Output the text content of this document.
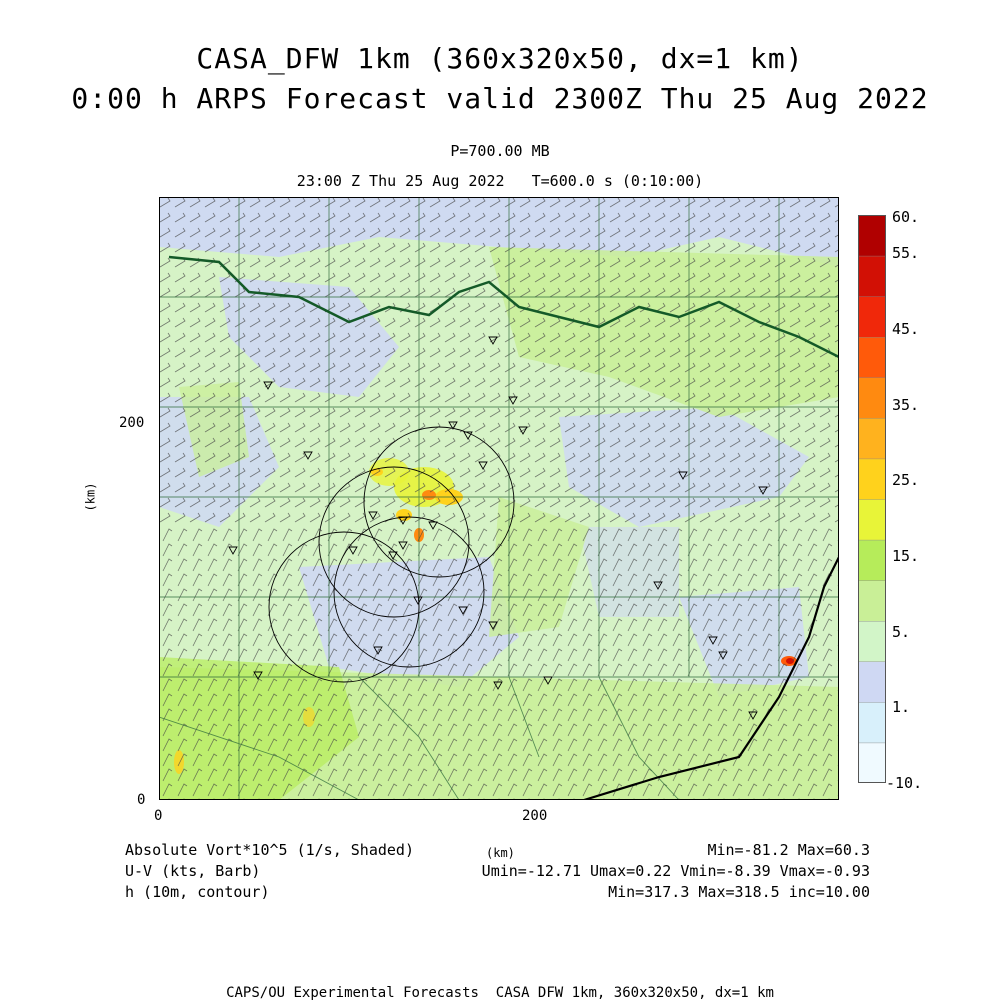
CASA_DFW 1km (360x320x50, dx=1 km)
0:00 h ARPS Forecast valid 2300Z Thu 25 Aug 2022
P=700.00 MB
23:00 Z Thu 25 Aug 2022   T=600.0 s (0:10:00)
0
200
0	200
(km)
(km)
60.
55.
45.
35.
25.
15.
5.
1.
-10.
Absolute Vort*10^5 (1/s, Shaded)
U-V (kts, Barb)
h (10m, contour)
Min=-81.2 Max=60.3
Umin=-12.71 Umax=0.22 Vmin=-8.39 Vmax=-0.93
Min=317.3 Max=318.5 inc=10.00
CAPS/OU Experimental Forecasts  CASA DFW 1km, 360x320x50, dx=1 km
